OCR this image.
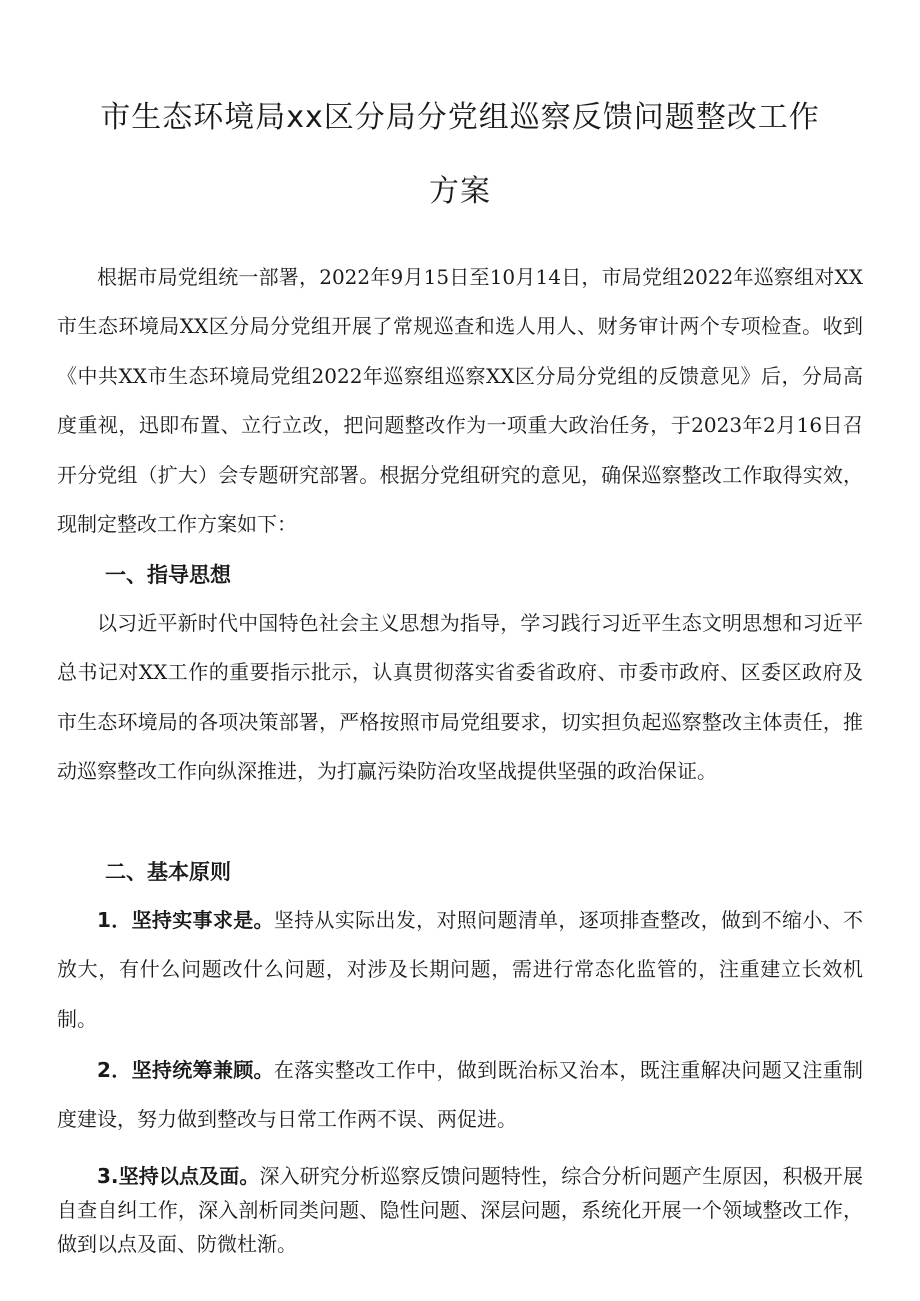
市生态环境局xx区分局分党组巡察反馈问题整改工作
方案

根据市局党组统一部署，2022年9月15日至10月14日，市局党组2022年巡察组对XX市生态环境局XX区分局分党组开展了常规巡查和选人用人、财务审计两个专项检查。收到《中共XX市生态环境局党组2022年巡察组巡察XX区分局分党组的反馈意见》后，分局高度重视，迅即布置、立行立改，把问题整改作为一项重大政治任务，于2023年2月16日召开分党组（扩大）会专题研究部署。根据分党组研究的意见，确保巡察整改工作取得实效，现制定整改工作方案如下：

一、指导思想

以习近平新时代中国特色社会主义思想为指导，学习践行习近平生态文明思想和习近平总书记对XX工作的重要指示批示，认真贯彻落实省委省政府、市委市政府、区委区政府及市生态环境局的各项决策部署，严格按照市局党组要求，切实担负起巡察整改主体责任，推动巡察整改工作向纵深推进，为打赢污染防治攻坚战提供坚强的政治保证。

二、基本原则

1．坚持实事求是。坚持从实际出发，对照问题清单，逐项排查整改，做到不缩小、不放大，有什么问题改什么问题，对涉及长期问题，需进行常态化监管的，注重建立长效机制。

2．坚持统筹兼顾。在落实整改工作中，做到既治标又治本，既注重解决问题又注重制度建设，努力做到整改与日常工作两不误、两促进。

3.坚持以点及面。深入研究分析巡察反馈问题特性，综合分析问题产生原因，积极开展自查自纠工作，深入剖析同类问题、隐性问题、深层问题，系统化开展一个领域整改工作，做到以点及面、防微杜渐。
